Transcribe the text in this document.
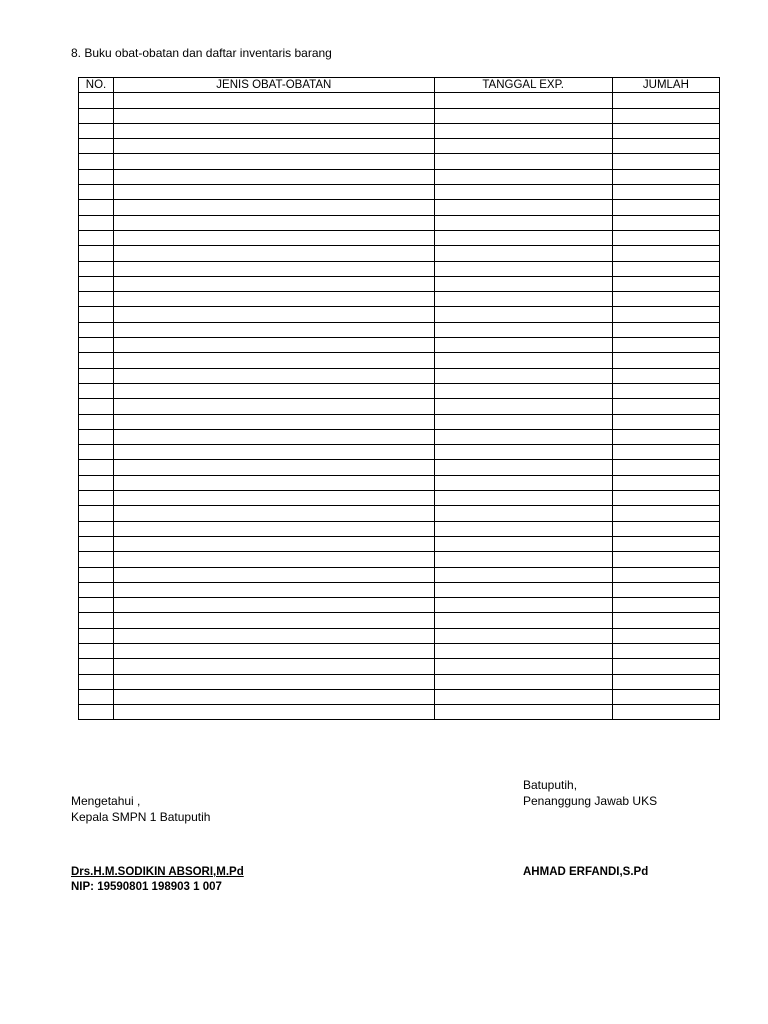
8. Buku obat-obatan dan daftar inventaris barang
NO.	JENIS OBAT-OBATAN	TANGGAL EXP.	JUMLAH

Mengetahui ,
Kepala SMPN 1 Batuputih
Batuputih,
Penanggung Jawab UKS
Drs.H.M.SODIKIN ABSORI,M.Pd
NIP: 19590801 198903 1 007
AHMAD ERFANDI,S.Pd
